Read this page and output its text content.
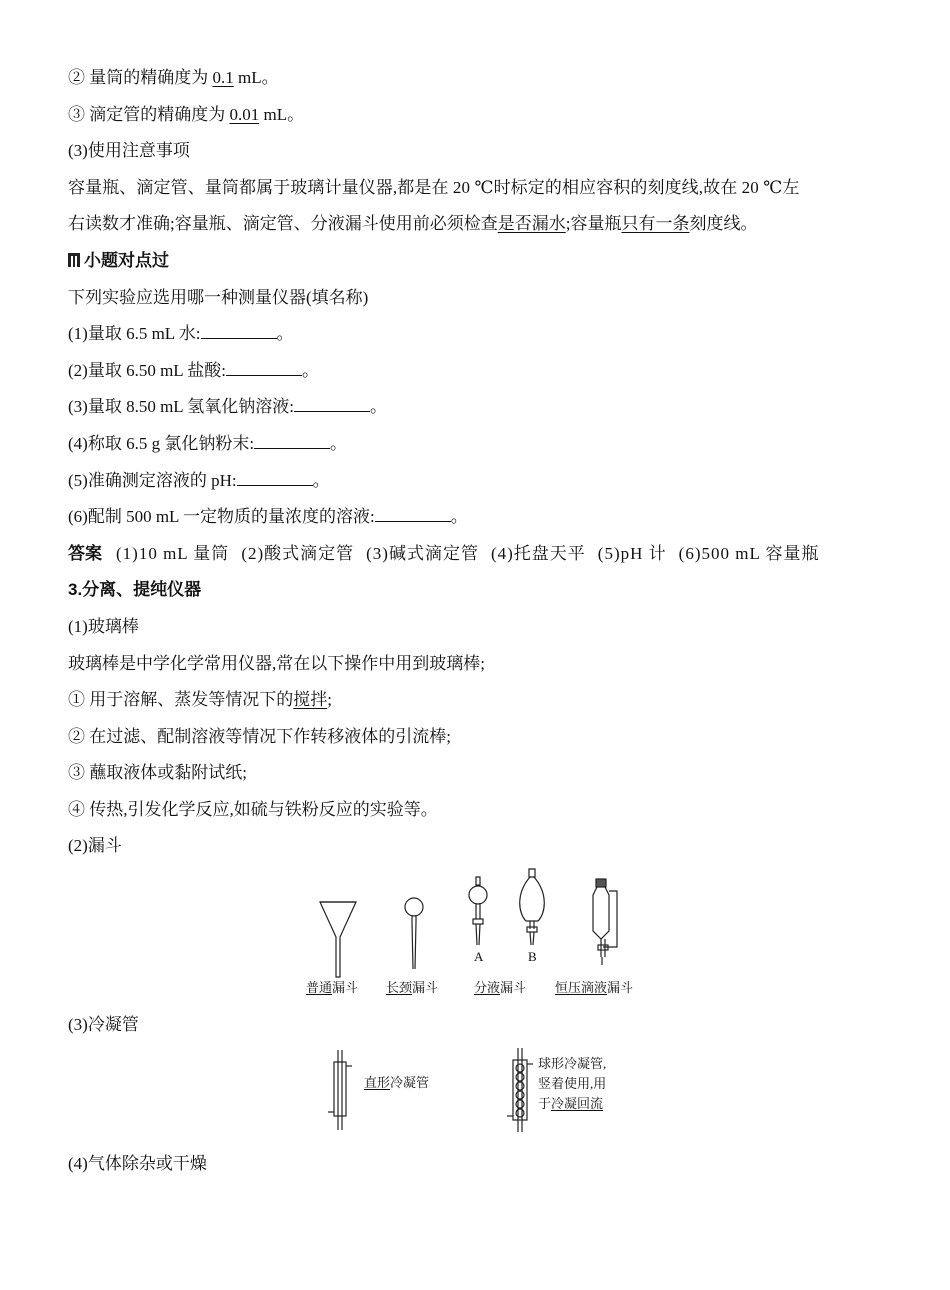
② 量筒的精确度为 0.1 mL。
③ 滴定管的精确度为 0.01 mL。
(3)使用注意事项
容量瓶、滴定管、量筒都属于玻璃计量仪器,都是在 20 ℃时标定的相应容积的刻度线,故在 20 ℃左
右读数才准确;容量瓶、滴定管、分液漏斗使用前必须检查是否漏水;容量瓶只有一条刻度线。
小题对点过
下列实验应选用哪一种测量仪器(填名称)
(1)量取 6.5 mL 水:	。
(2)量取 6.50 mL 盐酸:	。
(3)量取 8.50 mL 氢氧化钠溶液:	。
(4)称取 6.5 g 氯化钠粉末:	。
(5)准确测定溶液的 pH:	。
(6)配制 500 mL 一定物质的量浓度的溶液:	。
答案 (1)10 mL 量筒 (2)酸式滴定管 (3)碱式滴定管 (4)托盘天平 (5)pH 计 (6)500 mL 容量瓶
3.分离、提纯仪器
(1)玻璃棒
玻璃棒是中学化学常用仪器,常在以下操作中用到玻璃棒;
① 用于溶解、蒸发等情况下的搅拌;
② 在过滤、配制溶液等情况下作转移液体的引流棒;
③ 蘸取液体或黏附试纸;
④ 传热,引发化学反应,如硫与铁粉反应的实验等。
(2)漏斗
A	B
普通漏斗 长颈漏斗	分液漏斗 恒压滴液漏斗
(3)冷凝管
直形冷凝管
球形冷凝管,
竖着使用,用
于冷凝回流
(4)气体除杂或干燥
